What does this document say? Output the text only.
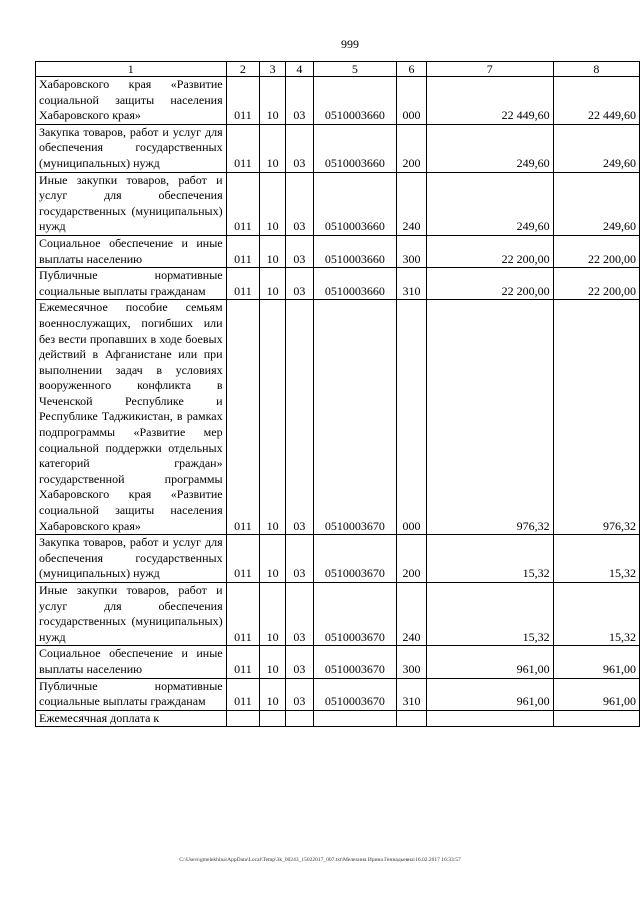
999
1	2	3	4	5	6	7	8
Хабаровского края «Развитие социальной защиты населения Хабаровского края»	011	10	03	0510003660	000	22 449,60	22 449,60
Закупка товаров, работ и услуг для обеспечения государственных (муниципальных) нужд	011	10	03	0510003660	200	249,60	249,60
Иные закупки товаров, работ и услуг для обеспечения государственных (муниципальных) нужд	011	10	03	0510003660	240	249,60	249,60
Социальное обеспечение и иные выплаты населению	011	10	03	0510003660	300	22 200,00	22 200,00
Публичные нормативные социальные выплаты гражданам	011	10	03	0510003660	310	22 200,00	22 200,00
Ежемесячное пособие семьям военнослужащих, погибших или без вести пропавших в ходе боевых действий в Афганистане или при выполнении задач в условиях вооруженного конфликта в Чеченской Республике и Республике Таджикистан, в рамках подпрограммы «Развитие мер социальной поддержки отдельных категорий граждан» государственной программы Хабаровского края «Развитие социальной защиты населения Хабаровского края»	011	10	03	0510003670	000	976,32	976,32
Закупка товаров, работ и услуг для обеспечения государственных (муниципальных) нужд	011	10	03	0510003670	200	15,32	15,32
Иные закупки товаров, работ и услуг для обеспечения государственных (муниципальных) нужд	011	10	03	0510003670	240	15,32	15,32
Социальное обеспечение и иные выплаты населению	011	10	03	0510003670	300	961,00	961,00
Публичные нормативные социальные выплаты гражданам	011	10	03	0510003670	310	961,00	961,00
Ежемесячная доплата к							
C:\Users\gmelekhina\AppData\Local\Temp\3k_00243_15022017_007.txt\Мелехина Ирина Геннадьевна\16.02.2017 16:33:57
